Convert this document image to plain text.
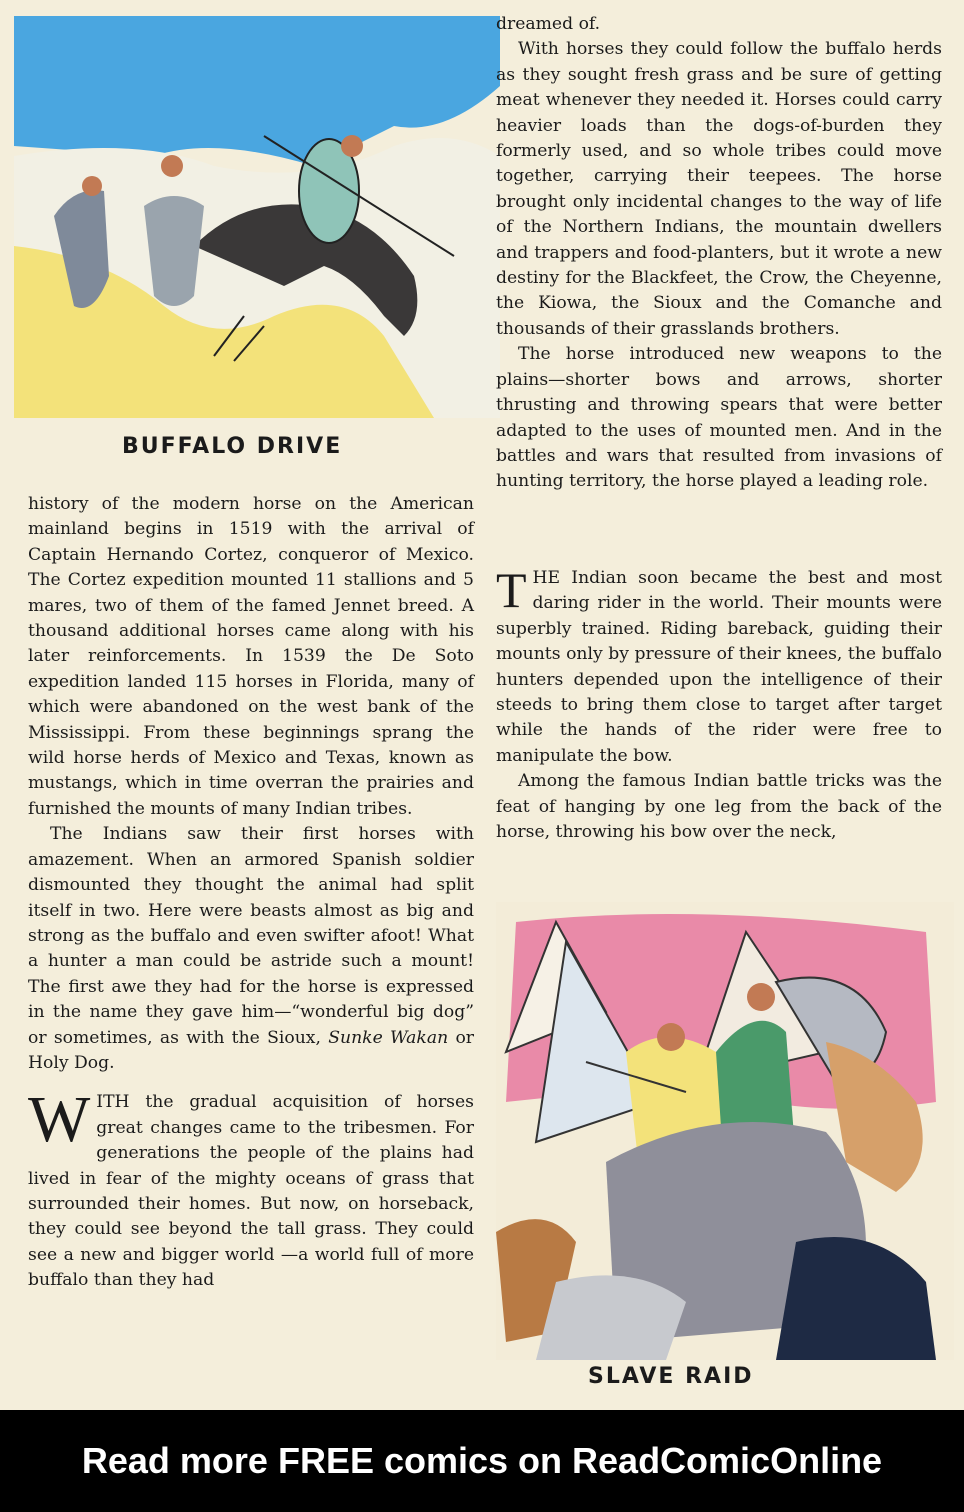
BUFFALO DRIVE

dreamed of.

With horses they could follow the buffalo herds as they sought fresh grass and be sure of getting meat whenever they needed it. Horses could carry heavier loads than the dogs-of-burden they formerly used, and so whole tribes could move together, carrying their teepees. The horse brought only incidental changes to the way of life of the Northern Indians, the mountain dwellers and trappers and food-planters, but it wrote a new destiny for the Blackfeet, the Crow, the Cheyenne, the Kiowa, the Sioux and the Comanche and thousands of their grasslands brothers.

The horse introduced new weapons to the plains—shorter bows and arrows, shorter thrusting and throwing spears that were better adapted to the uses of mounted men. And in the battles and wars that resulted from invasions of hunting territory, the horse played a leading role.

THE Indian soon became the best and most daring rider in the world. Their mounts were superbly trained. Riding bareback, guiding their mounts only by pressure of their knees, the buffalo hunters depended upon the intelligence of their steeds to bring them close to target after target while the hands of the rider were free to manipulate the bow.

Among the famous Indian battle tricks was the feat of hanging by one leg from the back of the horse, throwing his bow over the neck,

history of the modern horse on the American mainland begins in 1519 with the arrival of Captain Hernando Cortez, conqueror of Mexico. The Cortez expedition mounted 11 stallions and 5 mares, two of them of the famed Jennet breed. A thousand additional horses came along with his later reinforcements. In 1539 the De Soto expedition landed 115 horses in Florida, many of which were abandoned on the west bank of the Mississippi. From these beginnings sprang the wild horse herds of Mexico and Texas, known as mustangs, which in time overran the prairies and furnished the mounts of many Indian tribes.

The Indians saw their first horses with amazement. When an armored Spanish soldier dismounted they thought the animal had split itself in two. Here were beasts almost as big and strong as the buffalo and even swifter afoot! What a hunter a man could be astride such a mount! The first awe they had for the horse is expressed in the name they gave him—“wonderful big dog” or sometimes, as with the Sioux, Sunke Wakan or Holy Dog.

WITH the gradual acquisition of horses great changes came to the tribesmen. For generations the people of the plains had lived in fear of the mighty oceans of grass that surrounded their homes. But now, on horseback, they could see beyond the tall grass. They could see a new and bigger world —a world full of more buffalo than they had

SLAVE RAID
Read more FREE comics on ReadComicOnline
